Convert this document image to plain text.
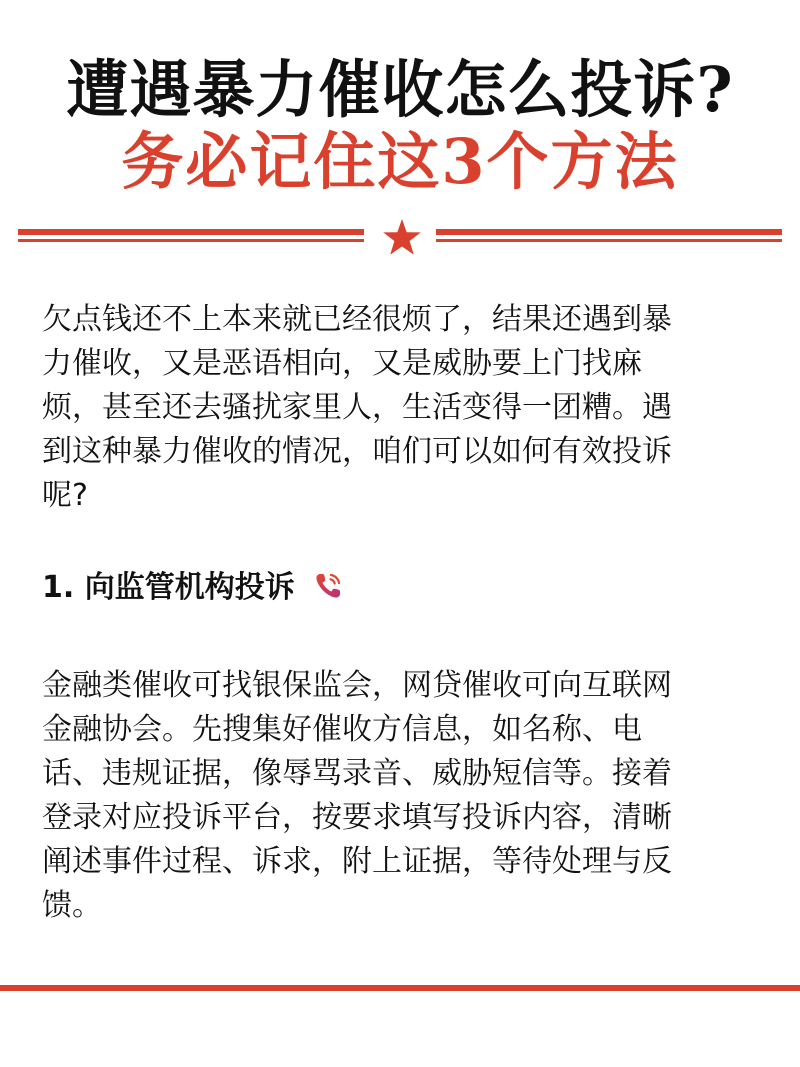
遭遇暴力催收怎么投诉?
务必记住这3个方法
欠点钱还不上本来就已经很烦了，结果还遇到暴
力催收，又是恶语相向，又是威胁要上门找麻
烦，甚至还去骚扰家里人，生活变得一团糟。遇
到这种暴力催收的情况，咱们可以如何有效投诉
呢?
1. 向监管机构投诉
金融类催收可找银保监会，网贷催收可向互联网
金融协会。先搜集好催收方信息，如名称、电
话、违规证据，像辱骂录音、威胁短信等。接着
登录对应投诉平台，按要求填写投诉内容，清晰
阐述事件过程、诉求，附上证据，等待处理与反
馈。
